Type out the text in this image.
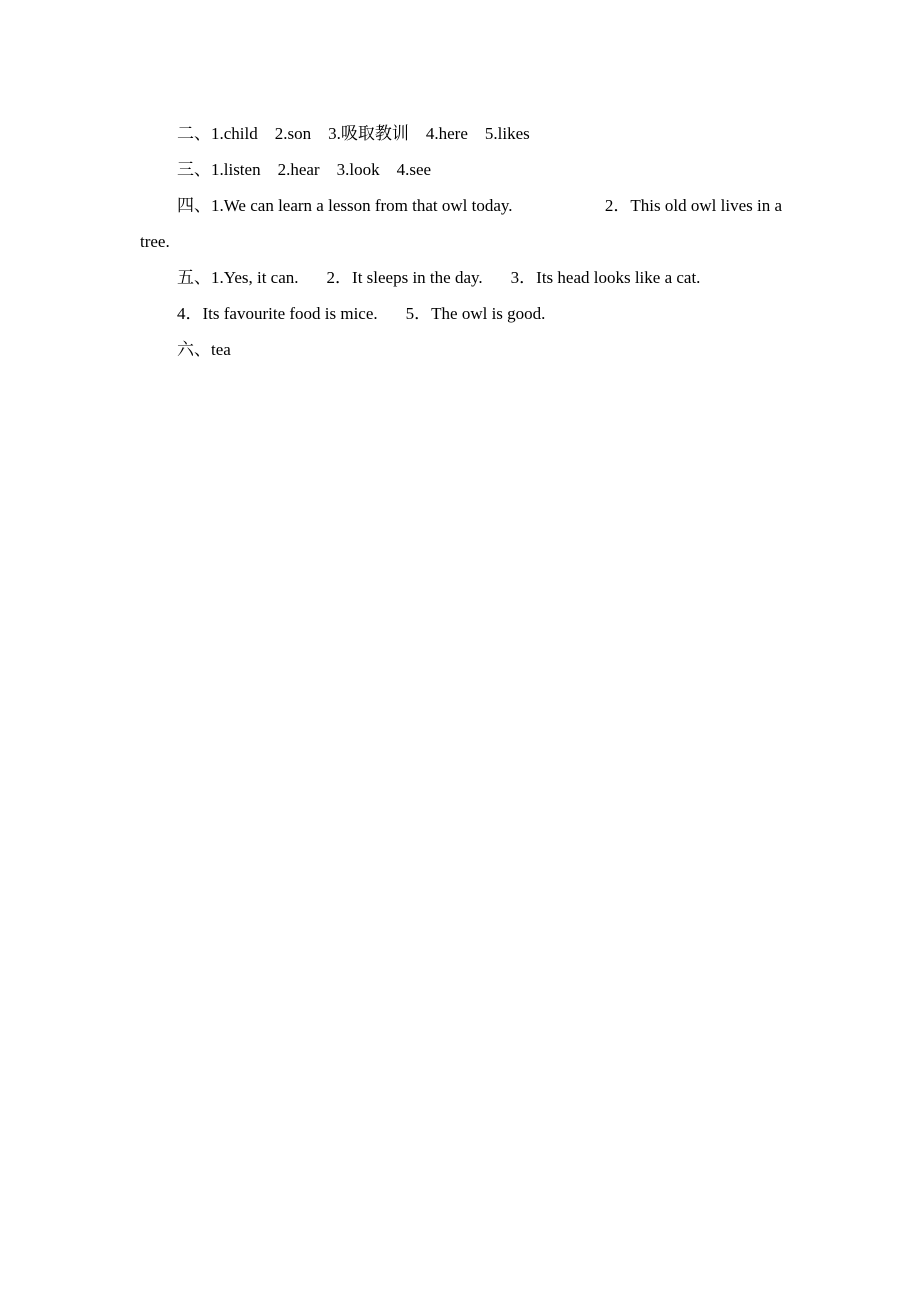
二、1.child 2.son 3.吸取教训 4.here 5.likes
三、1.listen 2.hear 3.look 4.see
四、1.We can learn a lesson from that owl today.	2．This old owl lives in a
tree.
五、1.Yes, it can. 2．It sleeps in the day. 3．Its head looks like a cat.
4．Its favourite food is mice. 5．The owl is good.
六、tea
